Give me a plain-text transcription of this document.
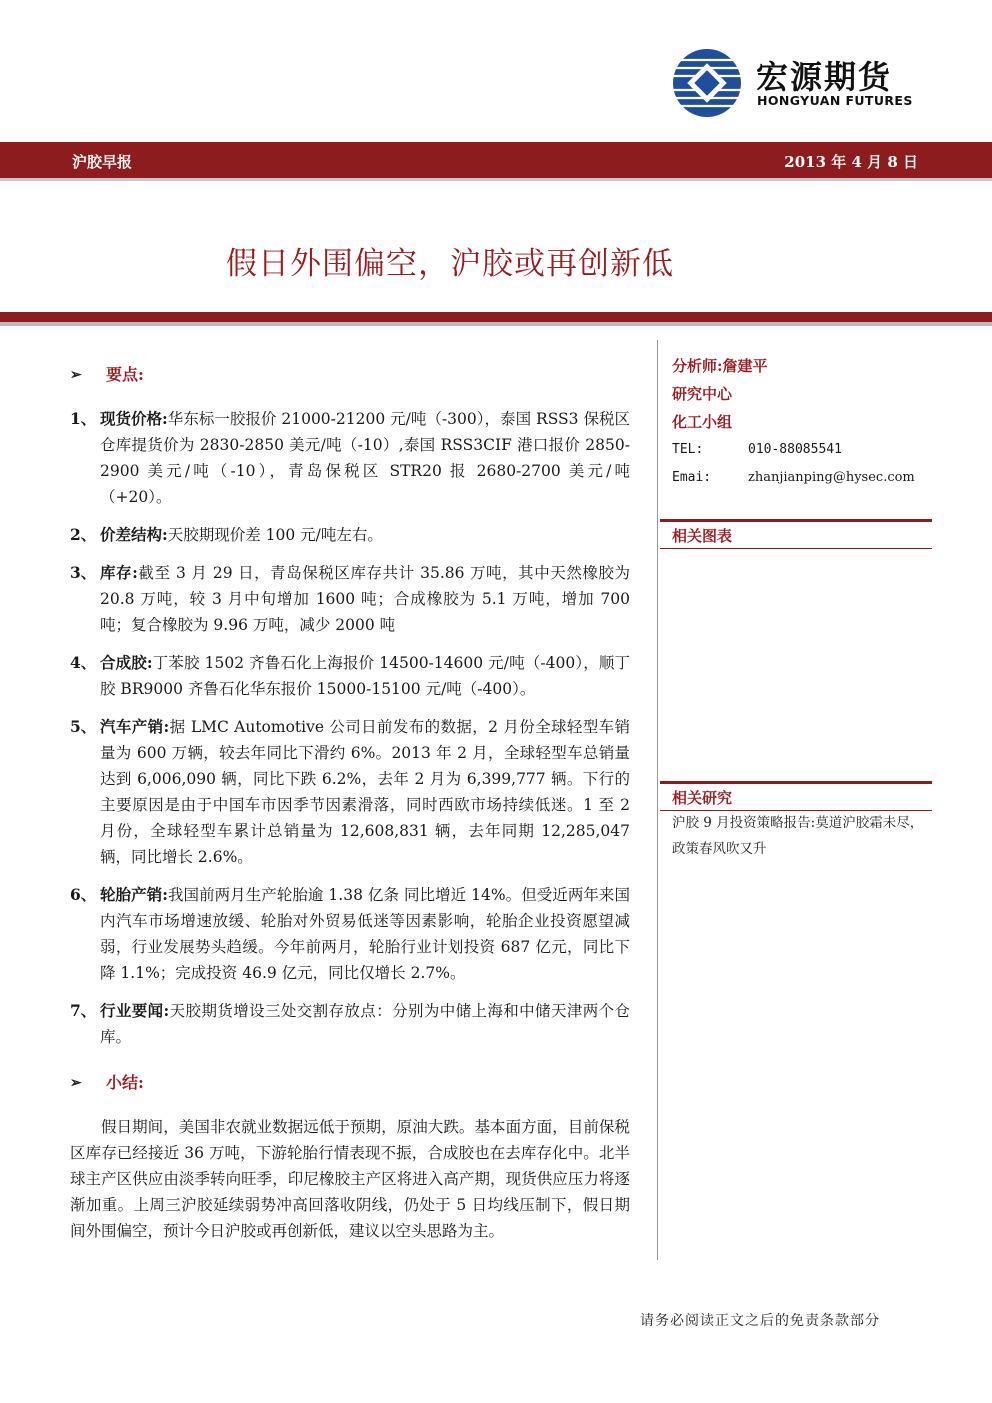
宏源期货
HONGYUAN FUTURES
沪胶早报	2013 年 4 月 8 日
假日外围偏空，沪胶或再创新低
➢	要点:
1、 现货价格:华东标一胶报价 21000-21200 元/吨（-300），泰国 RSS3 保税区仓库提货价为 2830-2850 美元/吨（-10）,泰国 RSS3CIF 港口报价 2850-2900 美元/吨（-10），青岛保税区 STR20 报 2680-2700 美元/吨（+20）。
2、 价差结构:天胶期现价差 100 元/吨左右。
3、 库存:截至 3 月 29 日，青岛保税区库存共计 35.86 万吨，其中天然橡胶为 20.8 万吨，较 3 月中旬增加 1600 吨；合成橡胶为 5.1 万吨，增加 700 吨；复合橡胶为 9.96 万吨，减少 2000 吨
4、 合成胶:丁苯胶 1502 齐鲁石化上海报价 14500-14600 元/吨（-400），顺丁胶 BR9000 齐鲁石化华东报价 15000-15100 元/吨（-400）。
5、 汽车产销:据 LMC Automotive 公司日前发布的数据，2 月份全球轻型车销量为 600 万辆，较去年同比下滑约 6%。2013 年 2 月，全球轻型车总销量达到 6,006,090 辆，同比下跌 6.2%，去年 2 月为 6,399,777 辆。下行的主要原因是由于中国车市因季节因素滑落，同时西欧市场持续低迷。1 至 2 月份，全球轻型车累计总销量为 12,608,831 辆，去年同期 12,285,047 辆，同比增长 2.6%。
6、 轮胎产销:我国前两月生产轮胎逾 1.38 亿条 同比增近 14%。但受近两年来国内汽车市场增速放缓、轮胎对外贸易低迷等因素影响，轮胎企业投资愿望减弱，行业发展势头趋缓。今年前两月，轮胎行业计划投资 687 亿元，同比下降 1.1%；完成投资 46.9 亿元，同比仅增长 2.7%。
7、 行业要闻:天胶期货增设三处交割存放点：分别为中储上海和中储天津两个仓库。
➢	小结:
假日期间，美国非农就业数据远低于预期，原油大跌。基本面方面，目前保税区库存已经接近 36 万吨，下游轮胎行情表现不振，合成胶也在去库存化中。北半球主产区供应由淡季转向旺季，印尼橡胶主产区将进入高产期，现货供应压力将逐渐加重。上周三沪胶延续弱势冲高回落收阴线，仍处于 5 日均线压制下，假日期间外围偏空，预计今日沪胶或再创新低，建议以空头思路为主。
分析师:詹建平
研究中心
化工小组
TEL:	010-88085541
Emai:	zhanjianping@hysec.com
相关图表
相关研究
沪胶 9 月投资策略报告:莫道沪胶霜未尽，政策春风吹又升
请务必阅读正文之后的免责条款部分
